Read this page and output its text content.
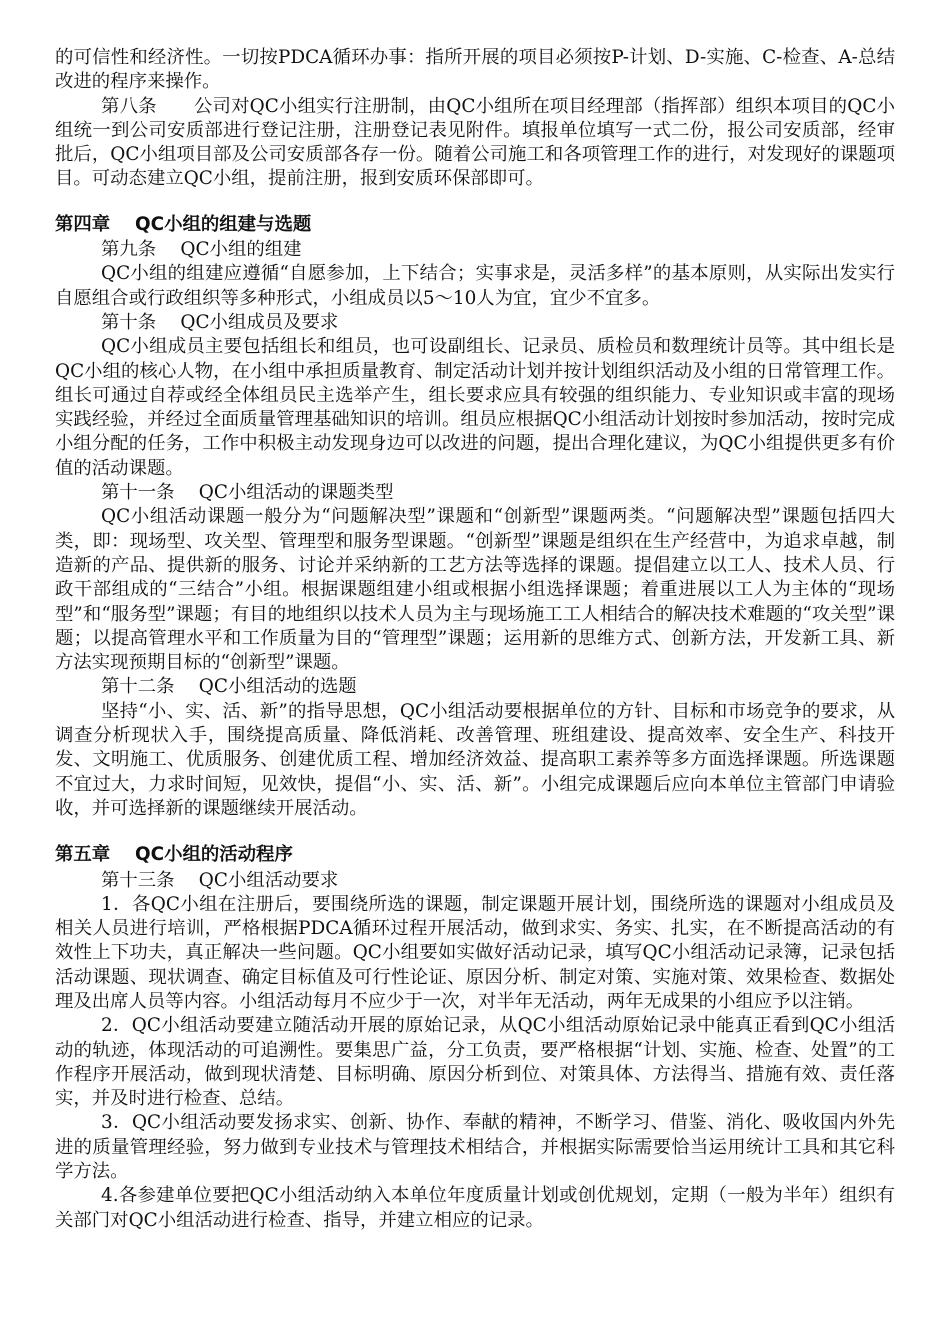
的可信性和经济性。一切按PDCA循环办事：指所开展的项目必须按P-计划、D-实施、C-检查、A-总结改进的程序来操作。

第八条　　公司对QC小组实行注册制，由QC小组所在项目经理部（指挥部）组织本项目的QC小组统一到公司安质部进行登记注册，注册登记表见附件。填报单位填写一式二份，报公司安质部，经审批后，QC小组项目部及公司安质部各存一份。随着公司施工和各项管理工作的进行，对发现好的课题项目。可动态建立QC小组，提前注册，报到安质环保部即可。

第四章　 QC小组的组建与选题

第九条　 QC小组的组建

QC小组的组建应遵循“自愿参加，上下结合；实事求是，灵活多样”的基本原则，从实际出发实行自愿组合或行政组织等多种形式，小组成员以5～10人为宜，宜少不宜多。

第十条　 QC小组成员及要求

QC小组成员主要包括组长和组员，也可设副组长、记录员、质检员和数理统计员等。其中组长是QC小组的核心人物，在小组中承担质量教育、制定活动计划并按计划组织活动及小组的日常管理工作。组长可通过自荐或经全体组员民主选举产生，组长要求应具有较强的组织能力、专业知识或丰富的现场实践经验，并经过全面质量管理基础知识的培训。组员应根据QC小组活动计划按时参加活动，按时完成小组分配的任务，工作中积极主动发现身边可以改进的问题，提出合理化建议，为QC小组提供更多有价值的活动课题。

第十一条　 QC小组活动的课题类型

QC小组活动课题一般分为“问题解决型”课题和“创新型”课题两类。“问题解决型”课题包括四大类，即：现场型、攻关型、管理型和服务型课题。“创新型”课题是组织在生产经营中，为追求卓越，制造新的产品、提供新的服务、讨论并采纳新的工艺方法等选择的课题。提倡建立以工人、技术人员、行政干部组成的“三结合”小组。根据课题组建小组或根据小组选择课题；着重进展以工人为主体的“现场型”和“服务型”课题；有目的地组织以技术人员为主与现场施工工人相结合的解决技术难题的“攻关型”课题；以提高管理水平和工作质量为目的“管理型”课题；运用新的思维方式、创新方法，开发新工具、新方法实现预期目标的“创新型”课题。

第十二条　 QC小组活动的选题

坚持“小、实、活、新”的指导思想，QC小组活动要根据单位的方针、目标和市场竞争的要求，从调查分析现状入手，围绕提高质量、降低消耗、改善管理、班组建设、提高效率、安全生产、科技开发、文明施工、优质服务、创建优质工程、增加经济效益、提高职工素养等多方面选择课题。所选课题不宜过大，力求时间短，见效快，提倡“小、实、活、新”。小组完成课题后应向本单位主管部门申请验收，并可选择新的课题继续开展活动。

第五章　 QC小组的活动程序

第十三条　 QC小组活动要求

1．各QC小组在注册后，要围绕所选的课题，制定课题开展计划，围绕所选的课题对小组成员及相关人员进行培训，严格根据PDCA循环过程开展活动，做到求实、务实、扎实，在不断提高活动的有效性上下功夫，真正解决一些问题。QC小组要如实做好活动记录，填写QC小组活动记录簿，记录包括活动课题、现状调查、确定目标值及可行性论证、原因分析、制定对策、实施对策、效果检查、数据处理及出席人员等内容。小组活动每月不应少于一次，对半年无活动，两年无成果的小组应予以注销。

2．QC小组活动要建立随活动开展的原始记录，从QC小组活动原始记录中能真正看到QC小组活动的轨迹，体现活动的可追溯性。要集思广益，分工负责，要严格根据“计划、实施、检查、处置”的工作程序开展活动，做到现状清楚、目标明确、原因分析到位、对策具体、方法得当、措施有效、责任落实，并及时进行检查、总结。

3．QC小组活动要发扬求实、创新、协作、奉献的精神，不断学习、借鉴、消化、吸收国内外先进的质量管理经验，努力做到专业技术与管理技术相结合，并根据实际需要恰当运用统计工具和其它科学方法。

4.各参建单位要把QC小组活动纳入本单位年度质量计划或创优规划，定期（一般为半年）组织有关部门对QC小组活动进行检查、指导，并建立相应的记录。
